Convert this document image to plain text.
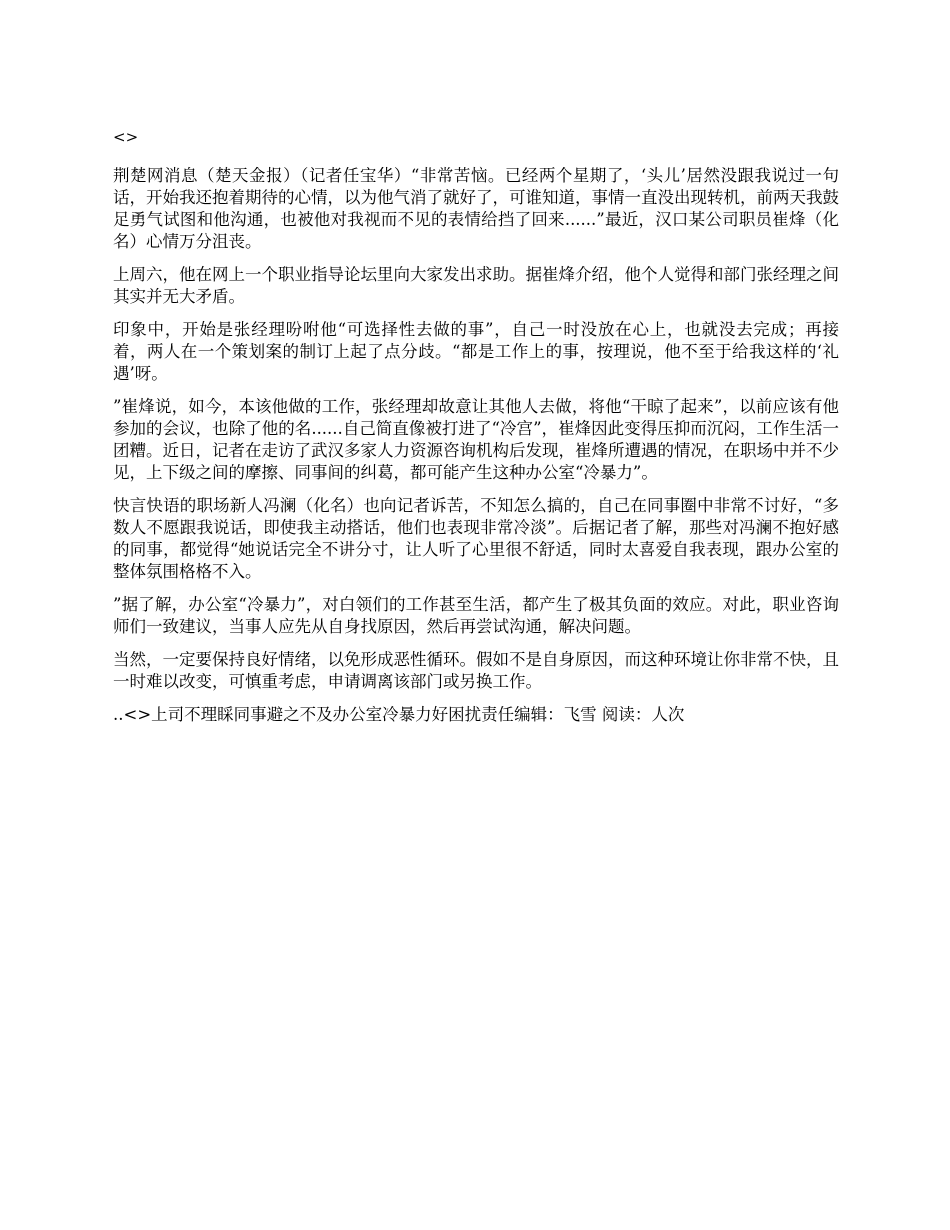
<>

荆楚网消息（楚天金报）（记者任宝华）“非常苦恼。已经两个星期了，‘头儿’居然没跟我说过一句话，开始我还抱着期待的心情，以为他气消了就好了，可谁知道，事情一直没出现转机，前两天我鼓足勇气试图和他沟通，也被他对我视而不见的表情给挡了回来......”最近，汉口某公司职员崔烽（化名）心情万分沮丧。

上周六，他在网上一个职业指导论坛里向大家发出求助。据崔烽介绍，他个人觉得和部门张经理之间其实并无大矛盾。

印象中，开始是张经理吩咐他“可选择性去做的事”，自己一时没放在心上，也就没去完成；再接着，两人在一个策划案的制订上起了点分歧。“都是工作上的事，按理说，他不至于给我这样的‘礼遇’呀。

”崔烽说，如今，本该他做的工作，张经理却故意让其他人去做，将他“干晾了起来”，以前应该有他参加的会议，也除了他的名......自己简直像被打进了“冷宫”，崔烽因此变得压抑而沉闷，工作生活一团糟。近日，记者在走访了武汉多家人力资源咨询机构后发现，崔烽所遭遇的情况，在职场中并不少见，上下级之间的摩擦、同事间的纠葛，都可能产生这种办公室“冷暴力”。

快言快语的职场新人冯澜（化名）也向记者诉苦，不知怎么搞的，自己在同事圈中非常不讨好，“多数人不愿跟我说话，即使我主动搭话，他们也表现非常冷淡”。后据记者了解，那些对冯澜不抱好感的同事，都觉得“她说话完全不讲分寸，让人听了心里很不舒适，同时太喜爱自我表现，跟办公室的整体氛围格格不入。

”据了解，办公室“冷暴力”，对白领们的工作甚至生活，都产生了极其负面的效应。对此，职业咨询师们一致建议，当事人应先从自身找原因，然后再尝试沟通，解决问题。

当然，一定要保持良好情绪，以免形成恶性循环。假如不是自身原因，而这种环境让你非常不快，且一时难以改变，可慎重考虑，申请调离该部门或另换工作。

..<>上司不理睬同事避之不及办公室冷暴力好困扰责任编辑：飞雪 阅读：人次
